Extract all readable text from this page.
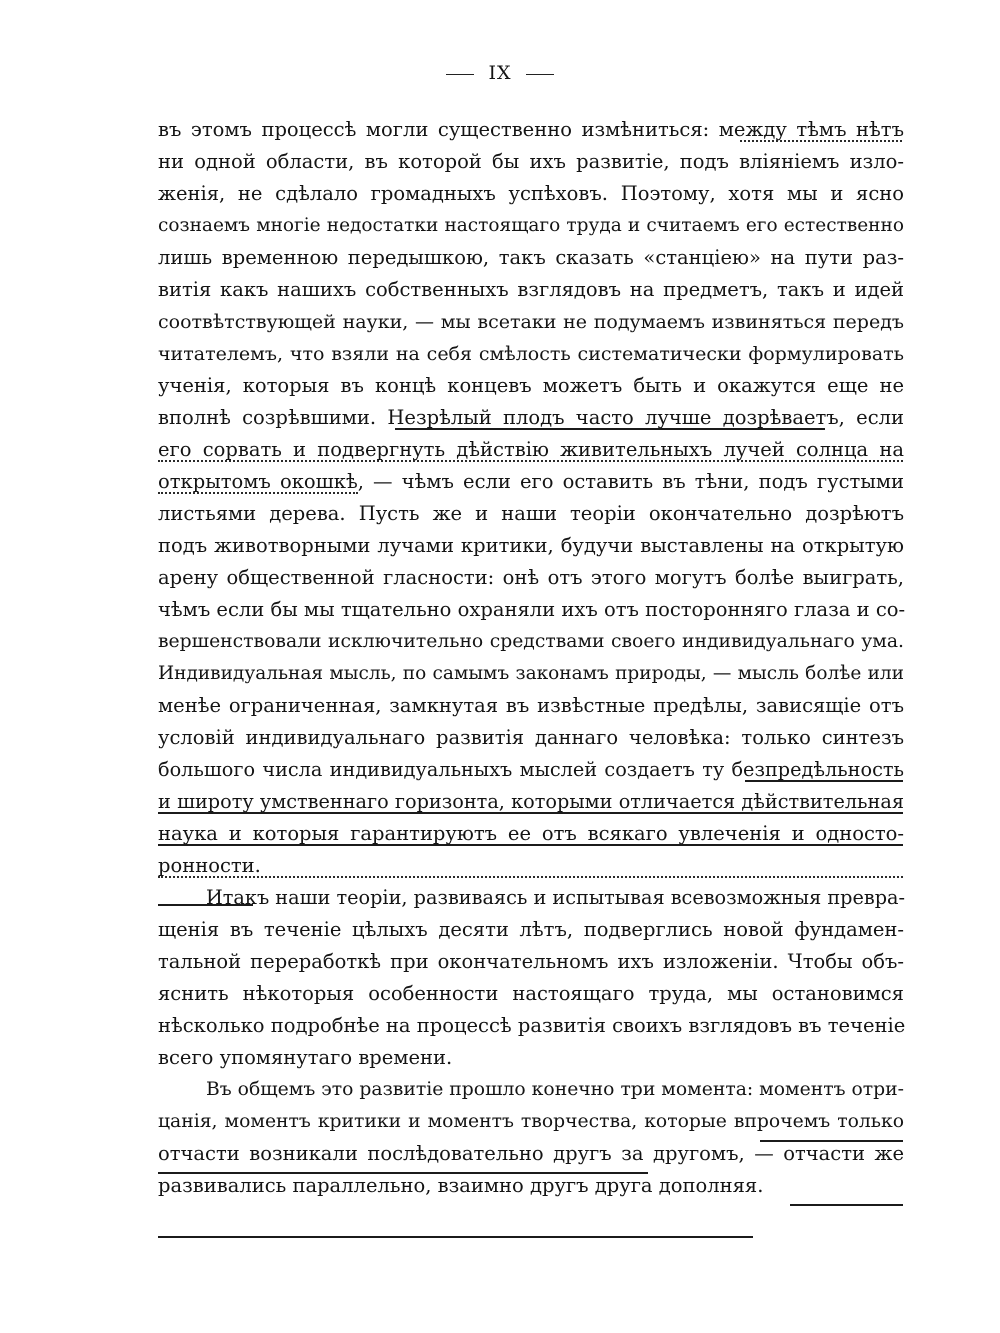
IX
въ этомъ процессѣ могли существенно измѣниться: между тѣмъ нѣтъ
ни одной области, въ которой бы ихъ развитіе, подъ вліяніемъ изло-
женія, не сдѣлало громадныхъ успѣховъ. Поэтому, хотя мы и ясно
сознаемъ многіе недостатки настоящаго труда и считаемъ его естественно
лишь временною передышкою, такъ сказать «станціею» на пути раз-
витія какъ нашихъ собственныхъ взглядовъ на предметъ, такъ и идей
соотвѣтствующей науки, — мы всетаки не подумаемъ извиняться передъ
читателемъ, что взяли на себя смѣлость систематически формулировать
ученія, которыя въ концѣ концевъ можетъ быть и окажутся еще не
вполнѣ созрѣвшими. Незрѣлый плодъ часто лучше дозрѣваетъ, если
его сорвать и подвергнуть дѣйствію живительныхъ лучей солнца на
открытомъ окошкѣ, — чѣмъ если его оставить въ тѣни, подъ густыми
листьями дерева. Пусть же и наши теоріи окончательно дозрѣютъ
подъ животворными лучами критики, будучи выставлены на открытую
арену общественной гласности: онѣ отъ этого могутъ болѣе выиграть,
чѣмъ если бы мы тщательно охраняли ихъ отъ посторонняго глаза и со-
вершенствовали исключительно средствами своего индивидуальнаго ума.
Индивидуальная мысль, по самымъ законамъ природы, — мысль болѣе или
менѣе ограниченная, замкнутая въ извѣстные предѣлы, зависящіе отъ
условій индивидуальнаго развитія даннаго человѣка: только синтезъ
большого числа индивидуальныхъ мыслей создаетъ ту безпредѣльность
и широту умственнаго горизонта, которыми отличается дѣйствительная
наука и которыя гарантируютъ ее отъ всякаго увлеченія и односто-
ронности.
Итакъ наши теоріи, развиваясь и испытывая всевозможныя превра-
щенія въ теченіе цѣлыхъ десяти лѣтъ, подверглись новой фундамен-
тальной переработкѣ при окончательномъ ихъ изложеніи. Чтобы объ-
яснить нѣкоторыя особенности настоящаго труда, мы остановимся
нѣсколько подробнѣе на процессѣ развитія своихъ взглядовъ въ теченіе
всего упомянутаго времени.
Въ общемъ это развитіе прошло конечно три момента: моментъ отри-
цанія, моментъ критики и моментъ творчества, которые впрочемъ только
отчасти возникали послѣдовательно другъ за другомъ, — отчасти же
развивались параллельно, взаимно другъ друга дополняя.
